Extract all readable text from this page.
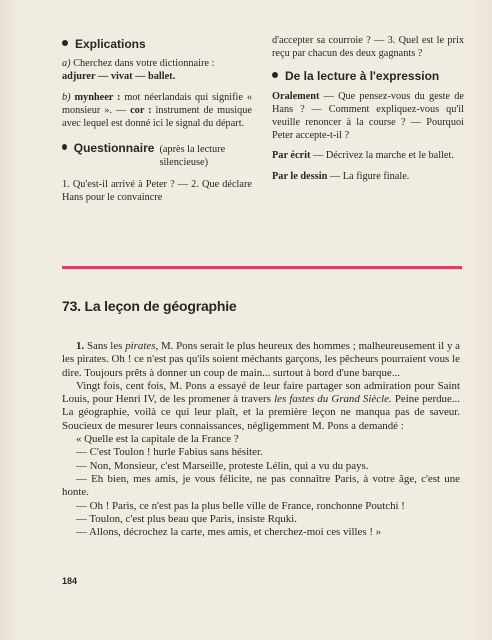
Explications

a) Cherchez dans votre dictionnaire :
adjurer — vivat — ballet.

b) mynheer : mot néerlandais qui signifie « monsieur ». — cor : instrument de musique avec lequel est donné ici le signal du départ.

Questionnaire (après la lecture silencieuse)

1. Qu'est-il arrivé à Peter ? — 2. Que déclare Hans pour le convaincre

d'accepter sa courroie ? — 3. Quel est le prix reçu par chacun des deux gagnants ?

De la lecture à l'expression

Oralement — Que pensez-vous du geste de Hans ? — Comment expliquez-vous qu'il veuille renoncer à la course ? — Pourquoi Peter accepte-t-il ?

Par écrit — Décrivez la marche et le ballet.

Par le dessin — La figure finale.

73. La leçon de géographie

1. Sans les pirates, M. Pons serait le plus heureux des hommes ; malheureusement il y a les pirates. Oh ! ce n'est pas qu'ils soient méchants garçons, les pêcheurs pourraient vous le dire. Toujours prêts à donner un coup de main... surtout à bord d'une barque...

Vingt fois, cent fois, M. Pons a essayé de leur faire partager son admiration pour Saint Louis, pour Henri IV, de les promener à travers les fastes du Grand Siècle. Peine perdue... La géographie, voilà ce qui leur plaît, et la première leçon ne manqua pas de saveur. Soucieux de mesurer leurs connaissances, négligemment M. Pons a demandé :

« Quelle est la capitale de la France ?

— C'est Toulon ! hurle Fabius sans hésiter.

— Non, Monsieur, c'est Marseille, proteste Lélin, qui a vu du pays.

— Eh bien, mes amis, je vous félicite, ne pas connaître Paris, à votre âge, c'est une honte.

— Oh ! Paris, ce n'est pas la plus belle ville de France, ronchonne Poutchi !

— Toulon, c'est plus beau que Paris, insiste Rquki.

— Allons, décrochez la carte, mes amis, et cherchez-moi ces villes ! »

184
